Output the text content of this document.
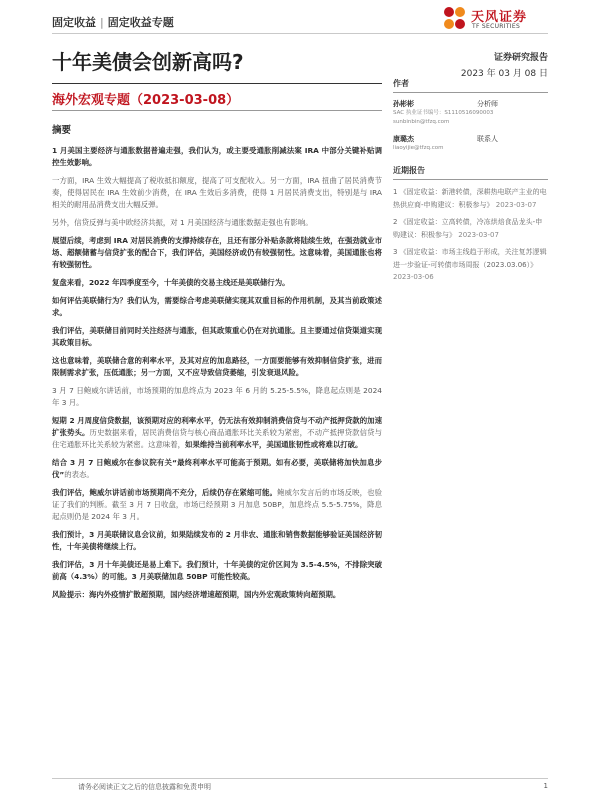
固定收益 | 固定收益专题	天风证券
TF SECURITIES
十年美债会创新高吗?	证券研究报告
2023 年 03 月 08 日
海外宏观专题（2023-03-08）
摘要

1 月美国主要经济与通胀数据普遍走强，我们认为，或主要受通胀削减法案 IRA 中部分关键补贴调控生效影响。

一方面，IRA 生效大幅提高了税收抵扣额度，提高了可支配收入。另一方面，IRA 扭曲了居民消费节奏，使得居民在 IRA 生效前少消费，在 IRA 生效后多消费，使得 1 月居民消费支出，特别是与 IRA 相关的耐用品消费支出大幅反弹。

另外，信贷反弹与美中欧经济共振，对 1 月美国经济与通胀数据走强也有影响。

展望后续，考虑到 IRA 对居民消费的支撑持续存在，且还有部分补贴条款将陆续生效，在强劲就业市场、超额储蓄与信贷扩张的配合下，我们评估，美国经济或仍有较强韧性。这意味着，美国通胀也将有较强韧性。

复盘来看，2022 年四季度至今，十年美债的交易主线还是美联储行为。

如何评估美联储行为？我们认为，需要综合考虑美联储实现其双重目标的作用机制，及其当前政策述求。

我们评估，美联储目前同时关注经济与通胀，但其政策重心仍在对抗通胀。且主要通过信贷渠道实现其政策目标。

这也意味着，美联储合意的利率水平，及其对应的加息路径，一方面要能够有效抑制信贷扩张，进而限制需求扩张，压低通胀；另一方面，又不应导致信贷萎缩，引发衰退风险。

3 月 7 日鲍威尔讲话前，市场预期的加息终点为 2023 年 6 月的 5.25-5.5%，降息起点则是 2024 年 3 月。

短期 2 月周度信贷数据，该预期对应的利率水平，仍无法有效抑制消费信贷与不动产抵押贷款的加速扩张势头。历史数据来看，居民消费信贷与核心商品通胀环比关系较为紧密，不动产抵押贷款信贷与住宅通胀环比关系较为紧密。这意味着，如果维持当前利率水平，美国通胀韧性或将难以打破。

结合 3 月 7 日鲍威尔在参议院有关“最终利率水平可能高于预期。如有必要，美联储将加快加息步伐”的表态。

我们评估，鲍威尔讲话前市场预期尚不充分，后续仍存在紧缩可能。鲍威尔发言后的市场反映，也验证了我们的判断。截至 3 月 7 日收盘，市场已经预期 3 月加息 50BP，加息终点 5.5-5.75%，降息起点则仍是 2024 年 3 月。

我们预计，3 月美联储议息会议前，如果陆续发布的 2 月非农、通胀和销售数据能够验证美国经济韧性，十年美债将继续上行。

我们评估，3 月十年美债还是易上难下。我们预计，十年美债的定价区间为 3.5-4.5%，不排除突破前高（4.3%）的可能。3 月美联储加息 50BP 可能性较高。

风险提示：海内外疫情扩散超预期，国内经济增速超预期，国内外宏观政策转向超预期。

作者
孙彬彬	分析师
SAC 执业证书编号：S1110516090003
sunbinbin@tfzq.com
康璐杰	联系人
liaoyijie@tfzq.com
近期报告
1 《固定收益：新港转债，深耕热电联产主业的电热供应商-申购建议：积极参与》 2023-03-07
2 《固定收益：立高转债，冷冻烘焙食品龙头-申购建议：积极参与》 2023-03-07
3 《固定收益：市场主线趋于形成，关注复苏逻辑进一步验证-可转债市场周报（2023.03.06）》 2023-03-06
请务必阅读正文之后的信息披露和免责申明	1
